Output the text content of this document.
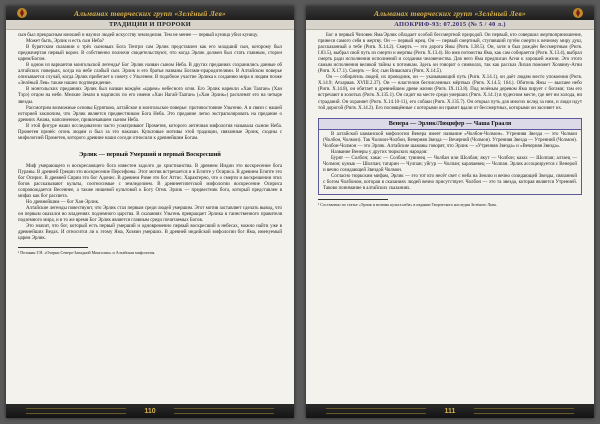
Альманах творческих групп «Зелёный Лев»
ТРАДИЦИИ И ПРОРОКИ

сын был прекрасным юношей и научил людей искусству земледелия. Тем не менее — первый куница убил куницу.

Может быть, Эрлик и есть сын Неба?

В бурятском сказании о трёх сыновьях Бога Тенгри сам Эрлик представлен как его младший сын, которому был предначертан первый ворон. В собственно полночи свидетельствуют, что когда Эрлик должен был стать главным, сторон царем/Богом.

В одном из вариантов монгольской легенды¹ Бог Эрлик назван сыном Неба. В других преданиях сохранились данные об алтайских поверьях, когда на небе слабый сын. Эрлик и его братья названы Богами-прародителями. В Алтайском поверье описывается случай, когда Эрлик прибегает к совету с Ульгенем. В подобное участие Эрлика к созданию мира и людям позже «Зелёный Лев» также нашел подтверждение.

В монгольских преданиях Эрлик был назван вождём «царем» небесного огня. Его Эрлик нарекли «Хан Таатан» (Хан Тэрэ) отцом на небе. Мелкие Земли в надписях по его имени «Хан Нагай-Таатан» («Хан Эрлик») расчленят его на четыре звезды.

Рассмотрим возможные основы Буряткою, алтайское и монгольское поверье: противостояние Ульгеню. А в связи с нашей историей заключим, что Эрлик является предвестником Бога Неба. Это предание легко экстраполировать на предание о древних Анана, наполненное, привлекавшем сыном Неба.

В этой фигуре наши исследователи часто усматривают Прометея, которого античная мифология называла сыном Неба. Прометея принёс огонь людям и был за это наказан. Культовые мотивы этой традиции, связанные Эрлик, сходны с мифологией Прометея, которого древние наши соседи относили к древнейшим Богам.

Эрлик — первый Умерший и первый Воскресший

Миф умирающего и воскресающего бога известен задолго до христианства. В древнем Индии это воскресение бога Пураны. В древней Греции это воскресение Персефоны. Этот мотив встречается и в Египте у Осириса. В древнем Египте это бог Осирис. В древней Сирии это бог Адонис. В древнем Риме это бог Аттис. Характерно, что о смерти и воскрешении этих богов рассказывают культы, соотносимые с земледелием. В древнеегипетской мифологии воскресение Осириса сопровождается Весеннее, а также нишевой культовой к Богу Огня. Эрлик — предвестник бога, который представлен в мифах как бог рассвета.

Но древнейшим — бог Хан-Эрлик.

Алтайские легенды повествуют, что Эрлик стал первым среди людей умершим. Этот мотив заставляет сделать вывод, что он первым оказался во владениях подземного царства. В сказаниях Ульгень превращает Эрлика в таинственного правителя подземного мира, и в то же время Бог Эрлик является главным среди почитаемых Богов.

Это значит, что бог, который есть первый умерший и одновременно первый воскресший в небесах, можно найти уже в древнейших Ведах. И относится ли к этому Яма, Хозяин умерших. В древней индийской мифологии бог Яма, именуемый царем Эрлик.

¹ Потанин Г.Н. «Очерки Северо-Западной Монголии» и Алтайская мифология.
110
Альманах творческих групп «Зелёный Лев»
АПОКРИФ-93: 07.2015 (№ 5 / 40 л.)

Бог и первый Человек Яма/Эрлик обладает особой бессмертной природой. Он первый, кто совершил жертвоприношение, принеся самого себя в жертву. Он — первый жрец. Он — первый смертный, ступивший путём смерти к вечному миру душ, рассказанный о тебе (Ригв. X.14.2). Смерть — это дорога Ямы (Ригв. I.38.5). Он, хотя и был рождён бессмертным (Ригв. I.83.5), выбрал свой путь из смерти и жертвы (Ригв. X.13.4). Во имя потомства Яма, как сам собирается (Ригв. X.13.4), выбрал смерть ради исполнения исполнений и создания человечества. Для него Яма предписан Агни к хорошей жизни. Это этого самым исполнения великой тайны к потомкам. Здесь он говорит о символах, так как рассказ Лихая поможет Хозяину-Агни (Ригв. X.17.1). Смерть — бог, сын Вивасвата (Ригв. X.14.5).

Он — собиратель людей, их проводник, он — указывающий путь (Ригв. X.14.1), он даёт людям место упокоения (Ригв. X.14.9; Атхарвав. XVIII.2.37). Он — властелин бесчисленных мёртвых (Ригв. X.14.5; 164.). Обитель Ямы — высшее небо (Ригв. X.14.8), он обитает в древнейшем древе жизни (Ригв. IX.113.8). Под зелёным деревом Яма пирует с богами; там его встречают в золотых (Ригв. X.135.1). Он сидит на месте среди умерших (Ригв. X.14.1) в чудесном месте, где нет ни холода, ни страданий. Он охраняет (Ригв. X.14.10-11), его собаки (Ригв. X.135.7). Он открыл путь для многих вслед за ним, и люди идут той дорогой (Ригв. X.14.2). Его посвящённые с которыми он правит вдали от бессмертных, которыми он заселяет их.

Венера — Эрлик/Люцифер — Чаша Грааля

В алтайской шаманской мифологии Венера имеет название «Чолбон-Чолмон». Утренняя Звезда — это Чолмон (Чолбон, Чолмон). Так Чолмон-Чолбон, Вечерняя Звезда — Вечерний (Чолмон). Утренняя Звезда — Утренний (Чолмон). Чолбон-Чолмон — это Эрлик. Алтайские шаманы говорят, что Эрлик — «Утренняя Звезда» и «Вечерняя Звезда».

Название Венеры у других тюркских народов:

Бурят — Солбон; хакас — Солбан; тувинец — Чолбан или Шолбан; якут — Чолбон; казах — Шолпан; алтаец — Чолмон; кумык — Шолпан; татарин — Чулпан; уйгур — Чолпан; карачаевец — Чолпан. Эрлик ассоциируется с Венерой и вечно созидающей Звездой Чолмон.

Согласно тюркским мифам, Эрлик — это тот кто несёт свет с неба на Землю и вечно созидающей Звезды, связанной с богом Чолбоном, которая в сказаниях людей вечно присутствует. Чолбон — это та звезда, которая является Утренней. Таково понимание в алтайских сказаниях.

¹ Составлено по статье «Эрлик и мотивы культа неба» в издании Творческого наследия Зелёного Льва.
111
